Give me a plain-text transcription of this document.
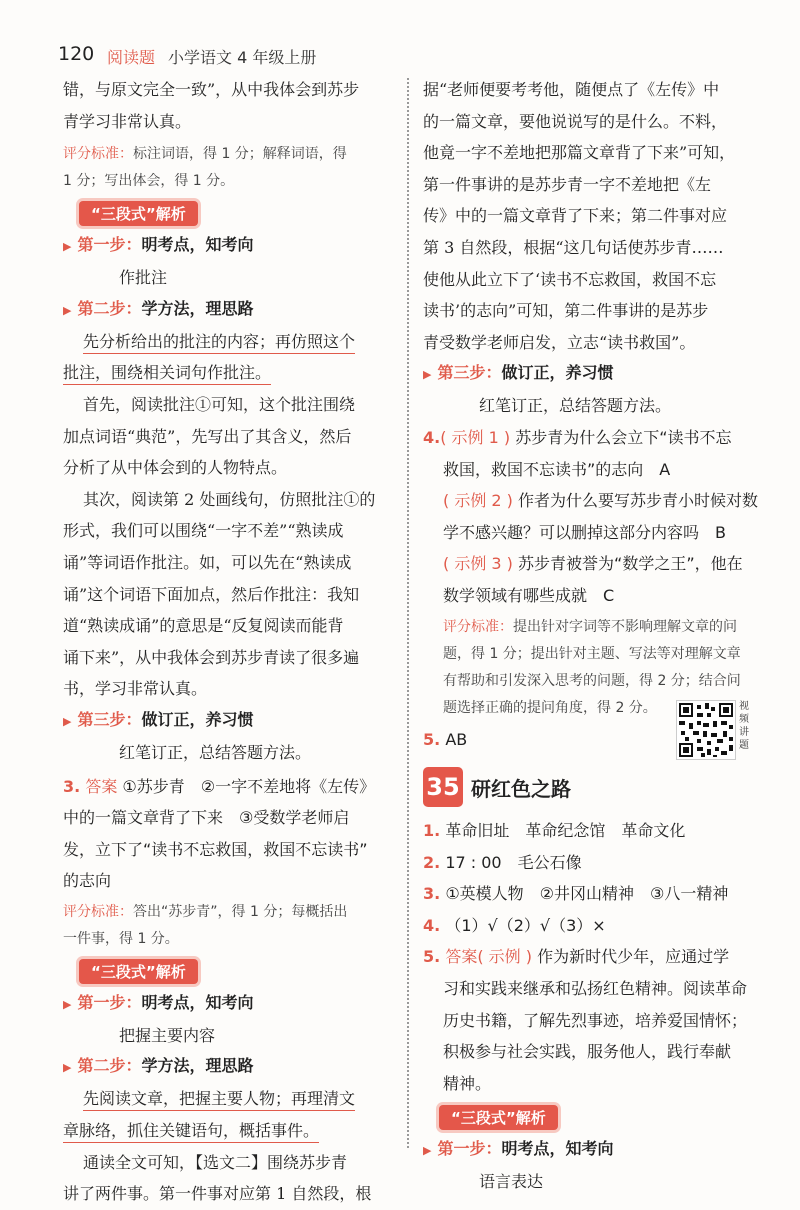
120 阅读题 小学语文 4 年级上册
错，与原文完全一致”，从中我体会到苏步
青学习非常认真。
评分标准：标注词语，得 1 分；解释词语，得
1 分；写出体会，得 1 分。
“三段式”解析
▶ 第一步：明考点，知考向
作批注
▶ 第二步：学方法，理思路
先分析给出的批注的内容；再仿照这个
批注，围绕相关词句作批注。
首先，阅读批注①可知，这个批注围绕
加点词语“典范”，先写出了其含义，然后
分析了从中体会到的人物特点。
其次，阅读第 2 处画线句，仿照批注①的
形式，我们可以围绕“一字不差”“熟读成
诵”等词语作批注。如，可以先在“熟读成
诵”这个词语下面加点，然后作批注：我知
道“熟读成诵”的意思是“反复阅读而能背
诵下来”，从中我体会到苏步青读了很多遍
书，学习非常认真。
▶ 第三步：做订正，养习惯
红笔订正，总结答题方法。
3. 答案 ①苏步青　②一字不差地将《左传》
中的一篇文章背了下来　③受数学老师启
发，立下了“读书不忘救国，救国不忘读书”
的志向
评分标准：答出“苏步青”，得 1 分；每概括出
一件事，得 1 分。
“三段式”解析
▶ 第一步：明考点，知考向
把握主要内容
▶ 第二步：学方法，理思路
先阅读文章，把握主要人物；再理清文
章脉络，抓住关键语句，概括事件。
通读全文可知，【选文二】围绕苏步青
讲了两件事。第一件事对应第 1 自然段，根
据“老师便要考考他，随便点了《左传》中
的一篇文章，要他说说写的是什么。不料，
他竟一字不差地把那篇文章背了下来”可知，
第一件事讲的是苏步青一字不差地把《左
传》中的一篇文章背了下来；第二件事对应
第 3 自然段，根据“这几句话使苏步青……
使他从此立下了‘读书不忘救国，救国不忘
读书’的志向”可知，第二件事讲的是苏步
青受数学老师启发，立志“读书救国”。
▶ 第三步：做订正，养习惯
红笔订正，总结答题方法。
4.( 示例 1 ) 苏步青为什么会立下“读书不忘
救国，救国不忘读书”的志向　A
( 示例 2 ) 作者为什么要写苏步青小时候对数
学不感兴趣？可以删掉这部分内容吗　B
( 示例 3 ) 苏步青被誉为“数学之王”，他在
数学领域有哪些成就　C
评分标准：提出针对字词等不影响理解文章的问
题，得 1 分；提出针对主题、写法等对理解文章
有帮助和引发深入思考的问题，得 2 分；结合问
题选择正确的提问角度，得 2 分。
5. AB
35 研红色之路
1. 革命旧址　革命纪念馆　革命文化
2. 17 : 00　毛公石像
3. ①英模人物　②井冈山精神　③八一精神
4. （1）√（2）√（3）×
5. 答案( 示例 ) 作为新时代少年，应通过学
习和实践来继承和弘扬红色精神。阅读革命
历史书籍，了解先烈事迹，培养爱国情怀；
积极参与社会实践，服务他人，践行奉献
精神。
“三段式”解析
▶ 第一步：明考点，知考向
语言表达
视频讲题
